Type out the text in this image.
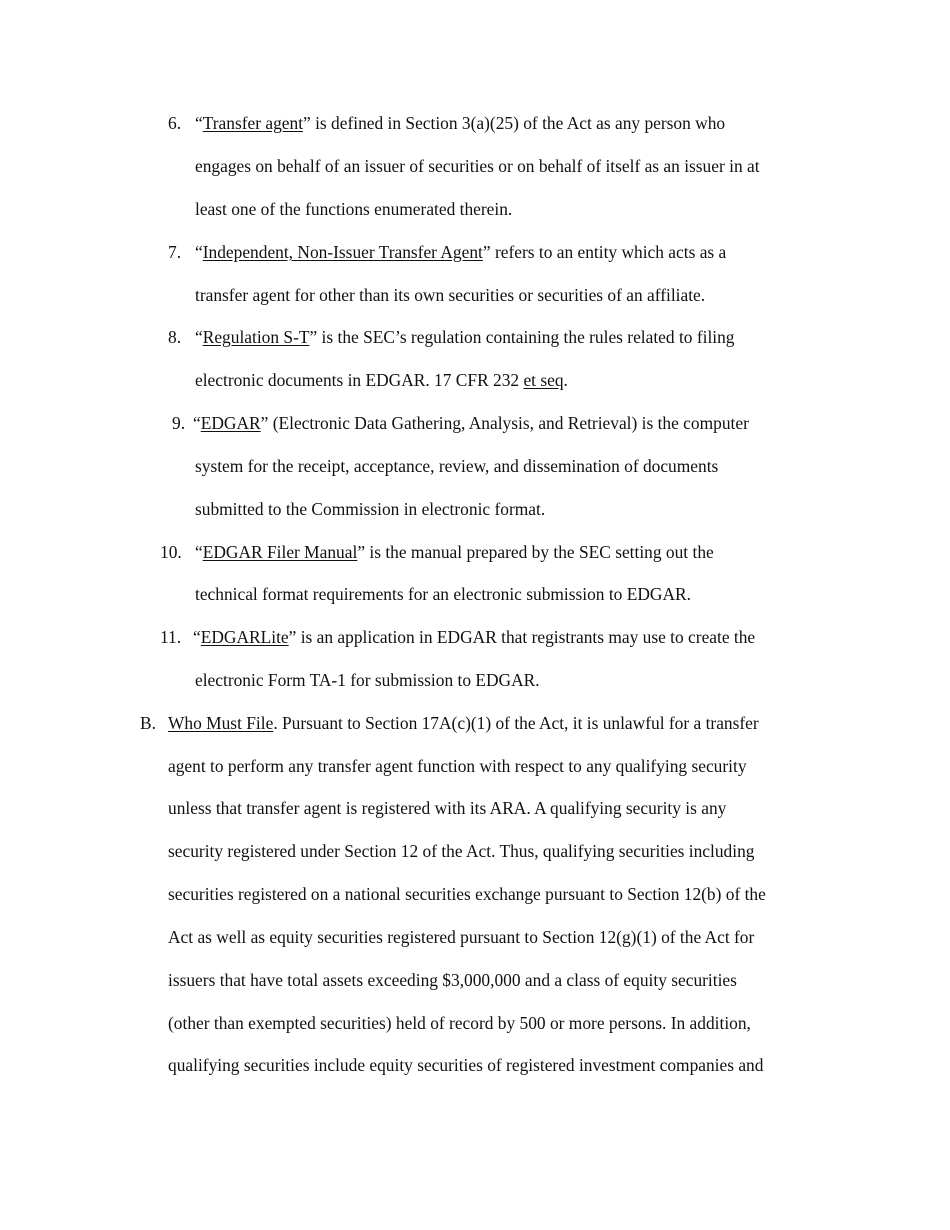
6. “Transfer agent” is defined in Section 3(a)(25) of the Act as any person who
engages on behalf of an issuer of securities or on behalf of itself as an issuer in at
least one of the functions enumerated therein.
7. “Independent, Non-Issuer Transfer Agent” refers to an entity which acts as a
transfer agent for other than its own securities or securities of an affiliate.
8. “Regulation S-T” is the SEC’s regulation containing the rules related to filing
electronic documents in EDGAR. 17 CFR 232 et seq.
9. “EDGAR” (Electronic Data Gathering, Analysis, and Retrieval) is the computer
system for the receipt, acceptance, review, and dissemination of documents
submitted to the Commission in electronic format.
10. “EDGAR Filer Manual” is the manual prepared by the SEC setting out the
technical format requirements for an electronic submission to EDGAR.
11. “EDGARLite” is an application in EDGAR that registrants may use to create the
electronic Form TA-1 for submission to EDGAR.
B. Who Must File. Pursuant to Section 17A(c)(1) of the Act, it is unlawful for a transfer
agent to perform any transfer agent function with respect to any qualifying security
unless that transfer agent is registered with its ARA. A qualifying security is any
security registered under Section 12 of the Act. Thus, qualifying securities including
securities registered on a national securities exchange pursuant to Section 12(b) of the
Act as well as equity securities registered pursuant to Section 12(g)(1) of the Act for
issuers that have total assets exceeding $3,000,000 and a class of equity securities
(other than exempted securities) held of record by 500 or more persons. In addition,
qualifying securities include equity securities of registered investment companies and
